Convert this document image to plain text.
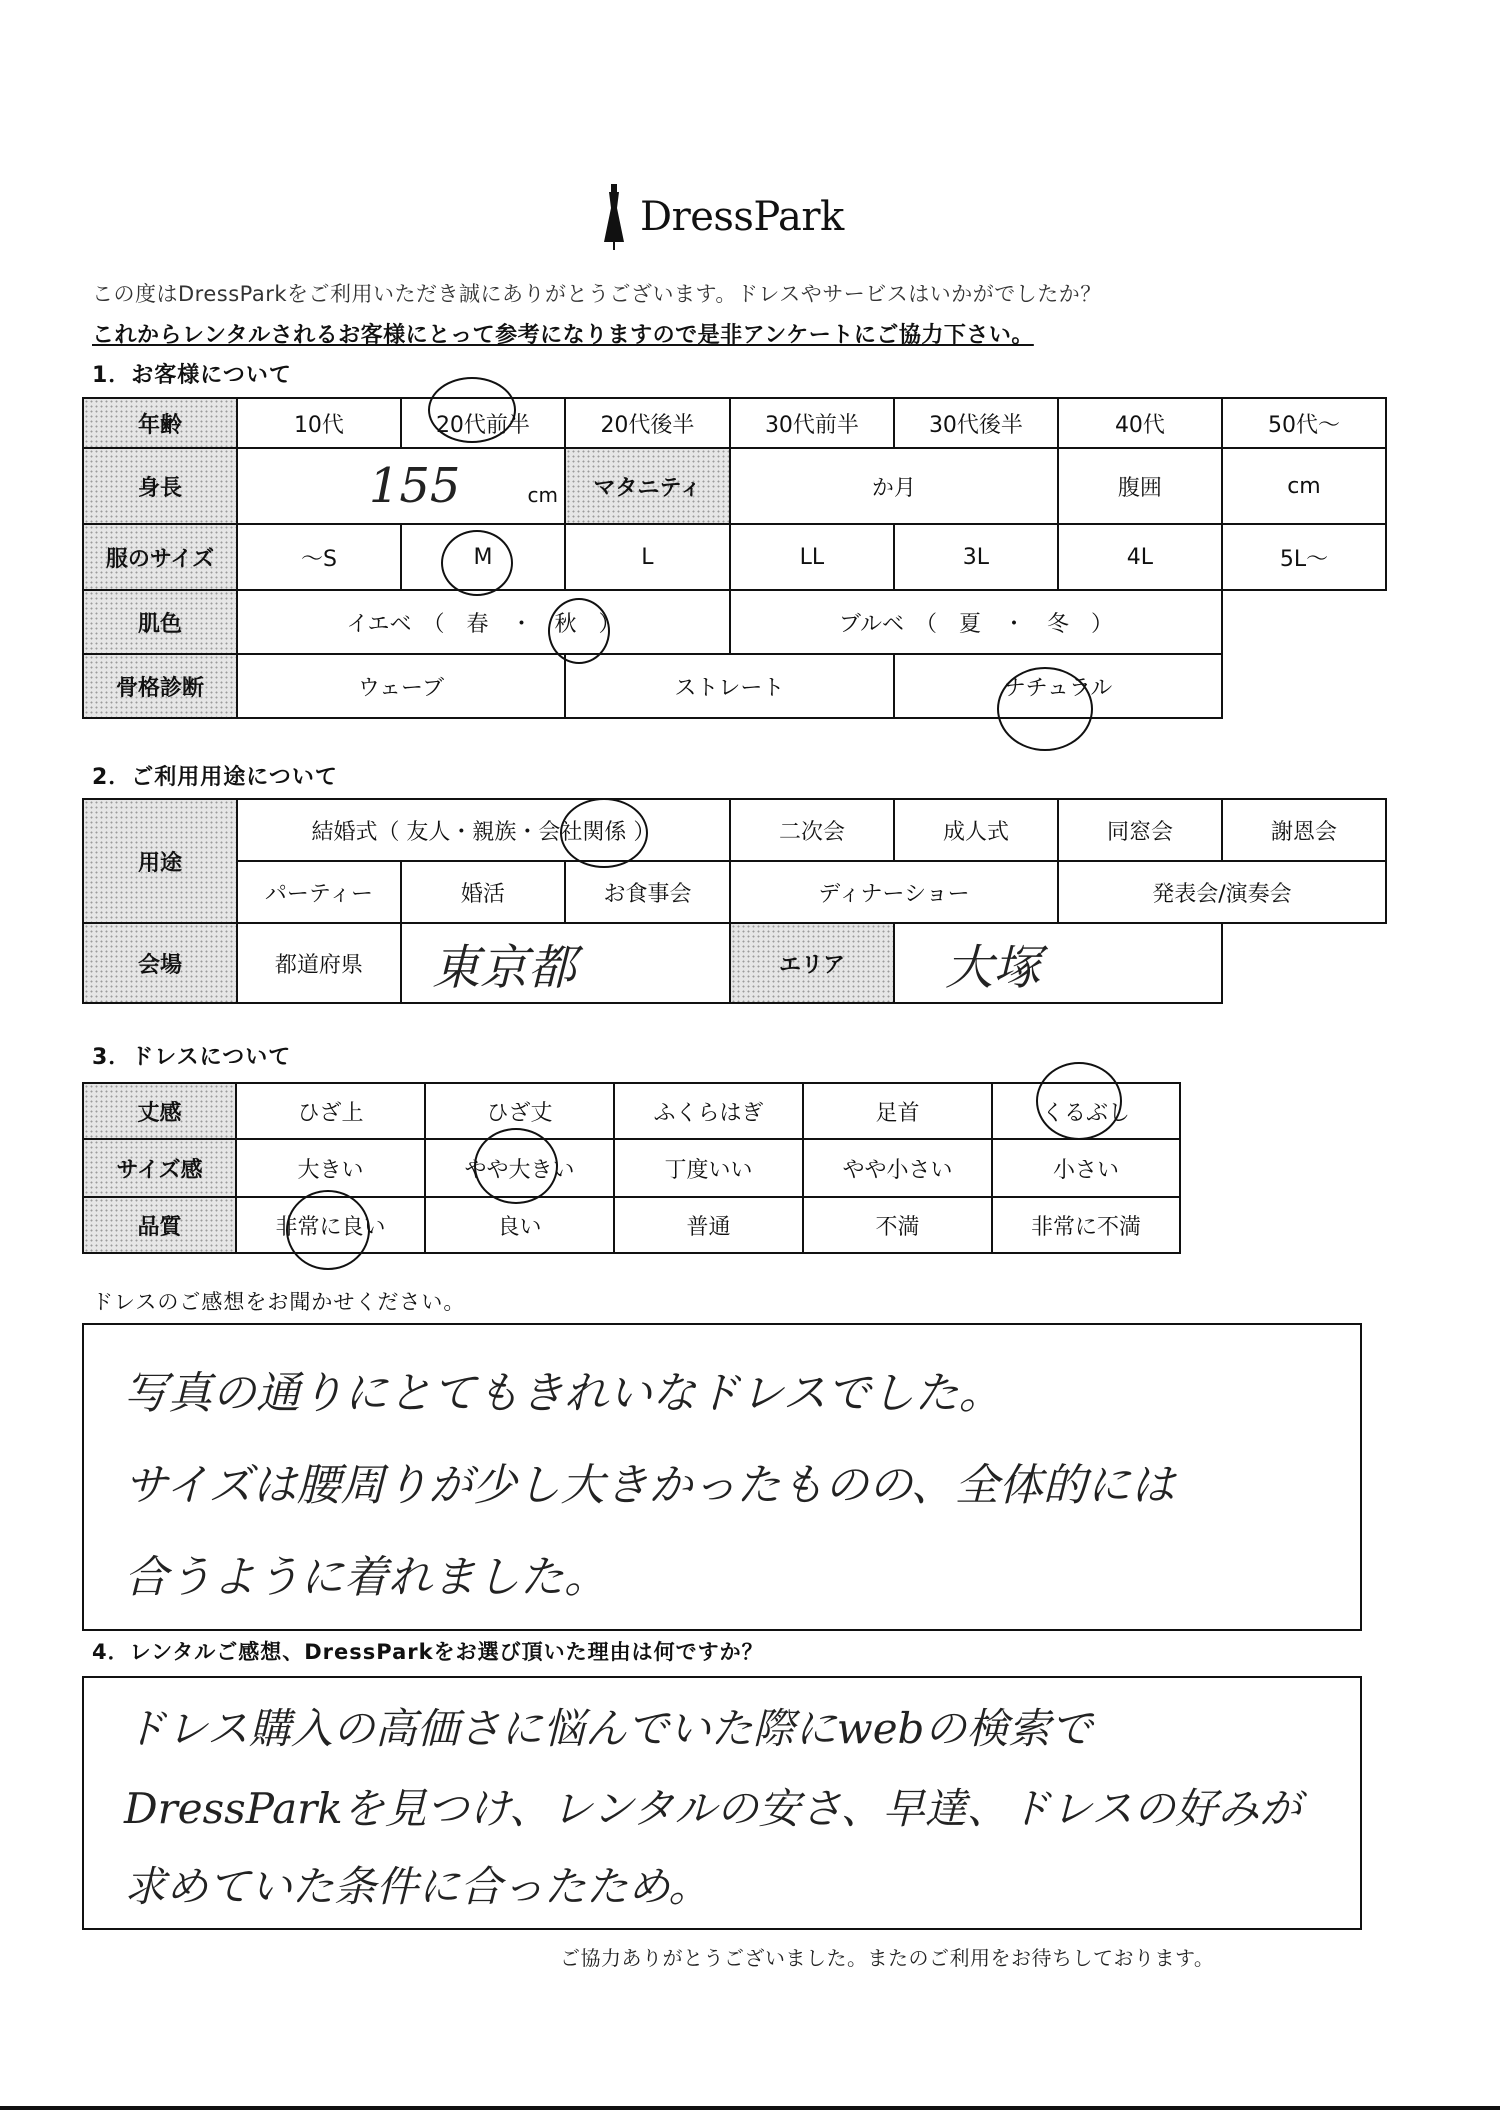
DressPark
この度はDressParkをご利用いただき誠にありがとうございます。ドレスやサービスはいかがでしたか？
これからレンタルされるお客様にとって参考になりますので是非アンケートにご協力下さい。
1．お客様について
年齢	10代	20代前半	20代後半	30代前半	30代後半	40代	50代～
身長	155 cm		マタニティ	か月		腹囲	cm
服のサイズ	～S	M	L	LL	3L	4L	5L～
肌色	イエベ　（　春　・　秋　）			ブルベ　（　夏　・　冬　）			
骨格診断	ウェーブ		ストレート		ナチュラル		
2．ご利用用途について
用途	結婚式（ 友人・親族・会社関係 ）			二次会	成人式	同窓会	謝恩会
	パーティー	婚活	お食事会	ディナーショー		発表会/演奏会	
会場	都道府県	東京都		エリア	大塚		
3．ドレスについて
丈感	ひざ上	ひざ丈	ふくらはぎ	足首	くるぶし
サイズ感	大きい	やや大きい	丁度いい	やや小さい	小さい
品質	非常に良い	良い	普通	不満	非常に不満
ドレスのご感想をお聞かせください。
写真の通りにとてもきれいなドレスでした。
サイズは腰周りが少し大きかったものの、全体的には
合うように着れました。
4．レンタルご感想、DressParkをお選び頂いた理由は何ですか？
ドレス購入の高価さに悩んでいた際にwebの検索で
DressParkを見つけ、レンタルの安さ、早達、ドレスの好みが
求めていた条件に合ったため。
ご協力ありがとうございました。またのご利用をお待ちしております。
